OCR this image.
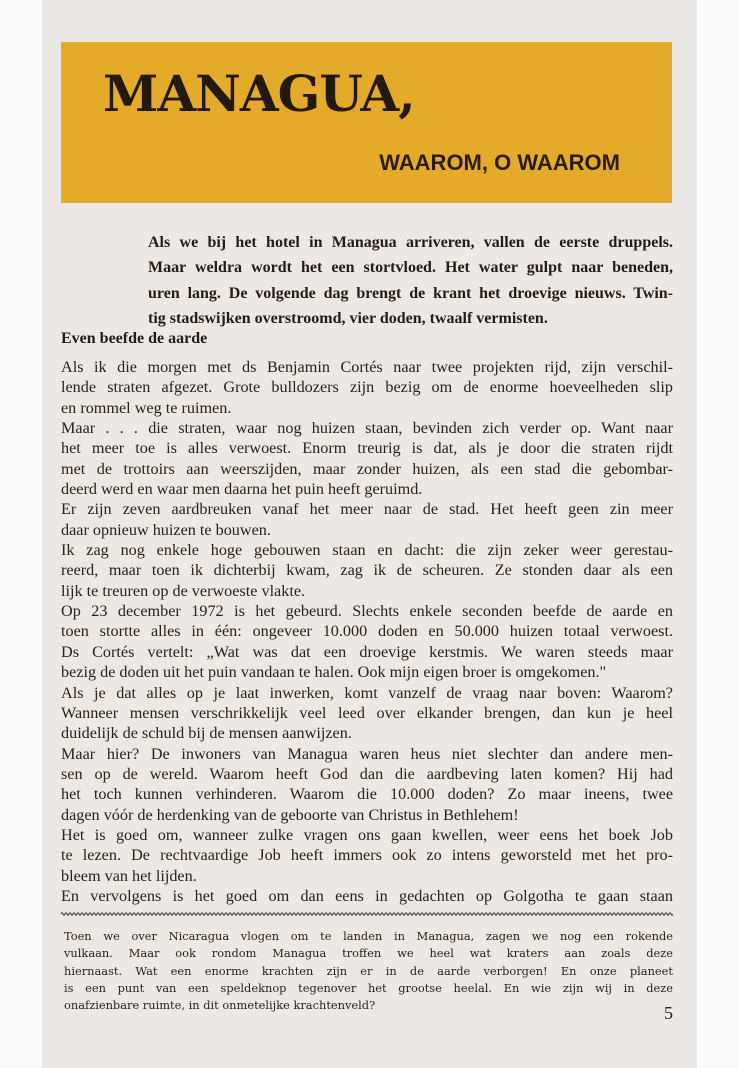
MANAGUA,
WAAROM, O WAAROM
Als we bij het hotel in Managua arriveren, vallen de eerste druppels.
Maar weldra wordt het een stortvloed. Het water gulpt naar beneden,
uren lang. De volgende dag brengt de krant het droevige nieuws. Twin-
tig stadswijken overstroomd, vier doden, twaalf vermisten.
Even beefde de aarde
Als ik die morgen met ds Benjamin Cortés naar twee projekten rijd, zijn verschil-
lende straten afgezet. Grote bulldozers zijn bezig om de enorme hoeveelheden slip
en rommel weg te ruimen.
Maar . . . die straten, waar nog huizen staan, bevinden zich verder op. Want naar
het meer toe is alles verwoest. Enorm treurig is dat, als je door die straten rijdt
met de trottoirs aan weerszijden, maar zonder huizen, als een stad die gebombar-
deerd werd en waar men daarna het puin heeft geruimd.
Er zijn zeven aardbreuken vanaf het meer naar de stad. Het heeft geen zin meer
daar opnieuw huizen te bouwen.
Ik zag nog enkele hoge gebouwen staan en dacht: die zijn zeker weer gerestau-
reerd, maar toen ik dichterbij kwam, zag ik de scheuren. Ze stonden daar als een
lijk te treuren op de verwoeste vlakte.
Op 23 december 1972 is het gebeurd. Slechts enkele seconden beefde de aarde en
toen stortte alles in één: ongeveer 10.000 doden en 50.000 huizen totaal verwoest.
Ds Cortés vertelt: „Wat was dat een droevige kerstmis. We waren steeds maar
bezig de doden uit het puin vandaan te halen. Ook mijn eigen broer is omgekomen."
Als je dat alles op je laat inwerken, komt vanzelf de vraag naar boven: Waarom?
Wanneer mensen verschrikkelijk veel leed over elkander brengen, dan kun je heel
duidelijk de schuld bij de mensen aanwijzen.
Maar hier? De inwoners van Managua waren heus niet slechter dan andere men-
sen op de wereld. Waarom heeft God dan die aardbeving laten komen? Hij had
het toch kunnen verhinderen. Waarom die 10.000 doden? Zo maar ineens, twee
dagen vóór de herdenking van de geboorte van Christus in Bethlehem!
Het is goed om, wanneer zulke vragen ons gaan kwellen, weer eens het boek Job
te lezen. De rechtvaardige Job heeft immers ook zo intens geworsteld met het pro-
bleem van het lijden.
En vervolgens is het goed om dan eens in gedachten op Golgotha te gaan staan
Toen we over Nicaragua vlogen om te landen in Managua, zagen we nog een rokende
vulkaan. Maar ook rondom Managua troffen we heel wat kraters aan zoals deze
hiernaast. Wat een enorme krachten zijn er in de aarde verborgen! En onze planeet
is een punt van een speldeknop tegenover het grootse heelal. En wie zijn wij in deze
onafzienbare ruimte, in dit onmetelijke krachtenveld?	5
